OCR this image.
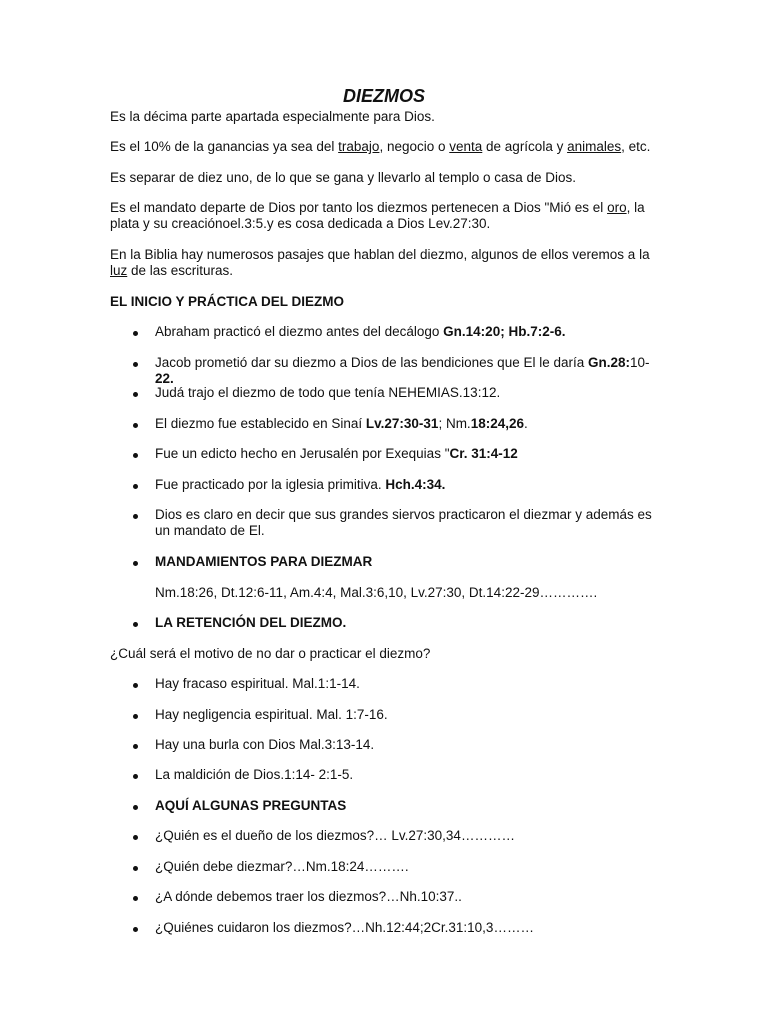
DIEZMOS

Es la décima parte apartada especialmente para Dios.

Es el 10% de la ganancias ya sea del trabajo, negocio o venta de agrícola y animales, etc.

Es separar de diez uno, de lo que se gana y llevarlo al templo o casa de Dios.

Es el mandato departe de Dios por tanto los diezmos pertenecen a Dios "Mió es el oro, la plata y su creaciónoel.3:5.y es cosa dedicada a Dios Lev.27:30.

En la Biblia hay numerosos pasajes que hablan del diezmo, algunos de ellos veremos a la luz de las escrituras.

EL INICIO Y PRÁCTICA DEL DIEZMO

Abraham practicó el diezmo antes del decálogo Gn.14:20; Hb.7:2-6.
Jacob prometió dar su diezmo a Dios de las bendiciones que El le daría Gn.28:10-22.
Judá trajo el diezmo de todo que tenía NEHEMIAS.13:12.
El diezmo fue establecido en Sinaí Lv.27:30-31; Nm.18:24,26.
Fue un edicto hecho en Jerusalén por Exequias "Cr. 31:4-12
Fue practicado por la iglesia primitiva. Hch.4:34.
Dios es claro en decir que sus grandes siervos practicaron el diezmar y además es un mandato de El.
MANDAMIENTOS PARA DIEZMAR

Nm.18:26, Dt.12:6-11, Am.4:4, Mal.3:6,10, Lv.27:30, Dt.14:22-29………….

LA RETENCIÓN DEL DIEZMO.

¿Cuál será el motivo de no dar o practicar el diezmo?

Hay fracaso espiritual. Mal.1:1-14.
Hay negligencia espiritual. Mal. 1:7-16.
Hay una burla con Dios Mal.3:13-14.
La maldición de Dios.1:14- 2:1-5.
AQUÍ ALGUNAS PREGUNTAS
¿Quién es el dueño de los diezmos?… Lv.27:30,34…………
¿Quién debe diezmar?…Nm.18:24……….
¿A dónde debemos traer los diezmos?…Nh.10:37..
¿Quiénes cuidaron los diezmos?…Nh.12:44;2Cr.31:10,3………
